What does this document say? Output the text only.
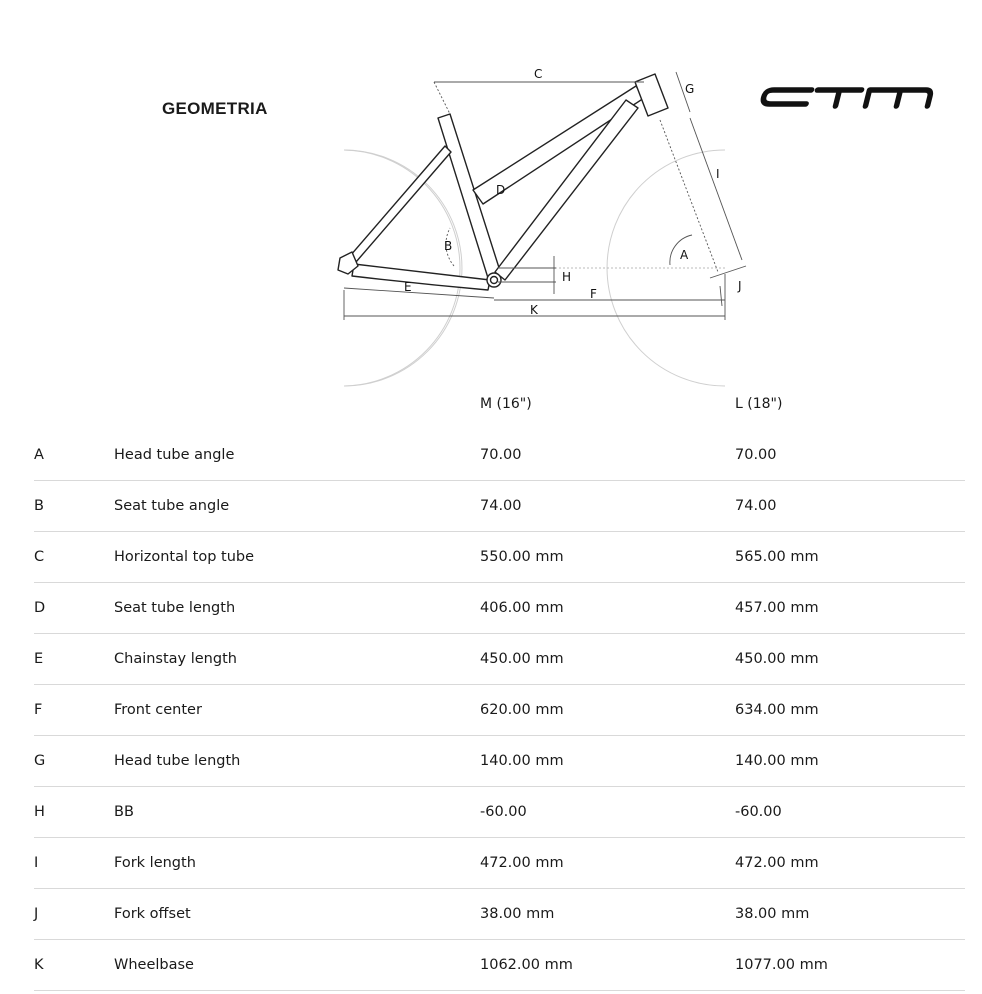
GEOMETRIA
C
G
I
D
B
A
H
J
E	F
K
M (16")	L (18")
A	Head tube angle	70.00	70.00
B	Seat tube angle	74.00	74.00
C	Horizontal top tube	550.00 mm	565.00 mm
D	Seat tube length	406.00 mm	457.00 mm
E	Chainstay length	450.00 mm	450.00 mm
F	Front center	620.00 mm	634.00 mm
G	Head tube length	140.00 mm	140.00 mm
H	BB	-60.00	-60.00
I	Fork length	472.00 mm	472.00 mm
J	Fork offset	38.00 mm	38.00 mm
K	Wheelbase	1062.00 mm	1077.00 mm
